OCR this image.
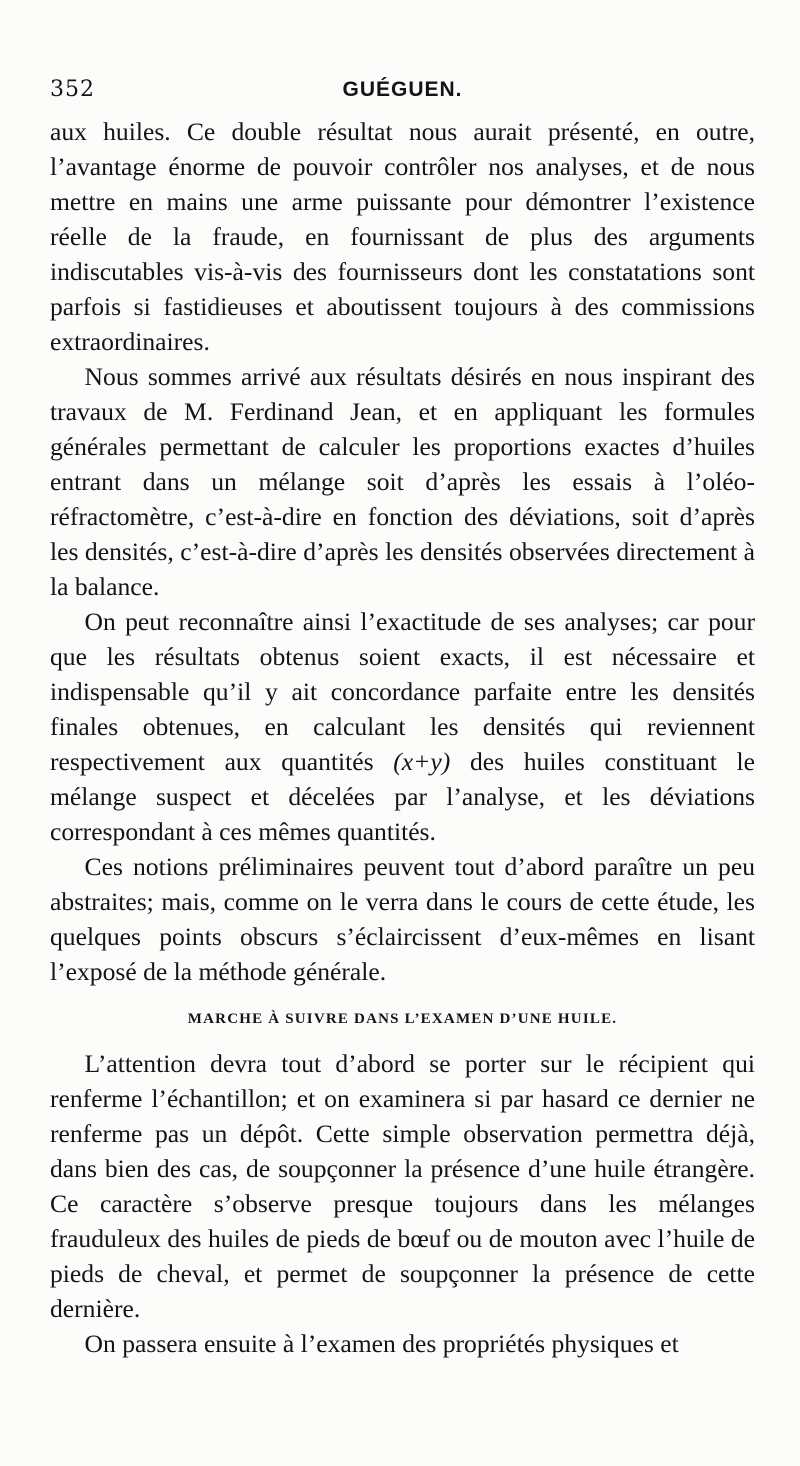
352	GUÉGUEN.

aux huiles. Ce double résultat nous aurait présenté, en outre, l’avantage énorme de pouvoir contrôler nos analyses, et de nous mettre en mains une arme puissante pour démontrer l’existence réelle de la fraude, en fournissant de plus des arguments indiscutables vis-à-vis des fournisseurs dont les constatations sont parfois si fastidieuses et aboutissent toujours à des commissions extraordinaires.

Nous sommes arrivé aux résultats désirés en nous inspirant des travaux de M. Ferdinand Jean, et en appliquant les formules générales permettant de calculer les proportions exactes d’huiles entrant dans un mélange soit d’après les essais à l’oléo-réfractomètre, c’est-à-dire en fonction des déviations, soit d’après les densités, c’est-à-dire d’après les densités observées directement à la balance.

On peut reconnaître ainsi l’exactitude de ses analyses; car pour que les résultats obtenus soient exacts, il est nécessaire et indispensable qu’il y ait concordance parfaite entre les densités finales obtenues, en calculant les densités qui reviennent respectivement aux quantités (x+y) des huiles constituant le mélange suspect et décelées par l’analyse, et les déviations correspondant à ces mêmes quantités.

Ces notions préliminaires peuvent tout d’abord paraître un peu abstraites; mais, comme on le verra dans le cours de cette étude, les quelques points obscurs s’éclaircissent d’eux-mêmes en lisant l’exposé de la méthode générale.

MARCHE À SUIVRE DANS L’EXAMEN D’UNE HUILE.

L’attention devra tout d’abord se porter sur le récipient qui renferme l’échantillon; et on examinera si par hasard ce dernier ne renferme pas un dépôt. Cette simple observation permettra déjà, dans bien des cas, de soupçonner la présence d’une huile étrangère. Ce caractère s’observe presque toujours dans les mélanges frauduleux des huiles de pieds de bœuf ou de mouton avec l’huile de pieds de cheval, et permet de soupçonner la présence de cette dernière.

On passera ensuite à l’examen des propriétés physiques et
